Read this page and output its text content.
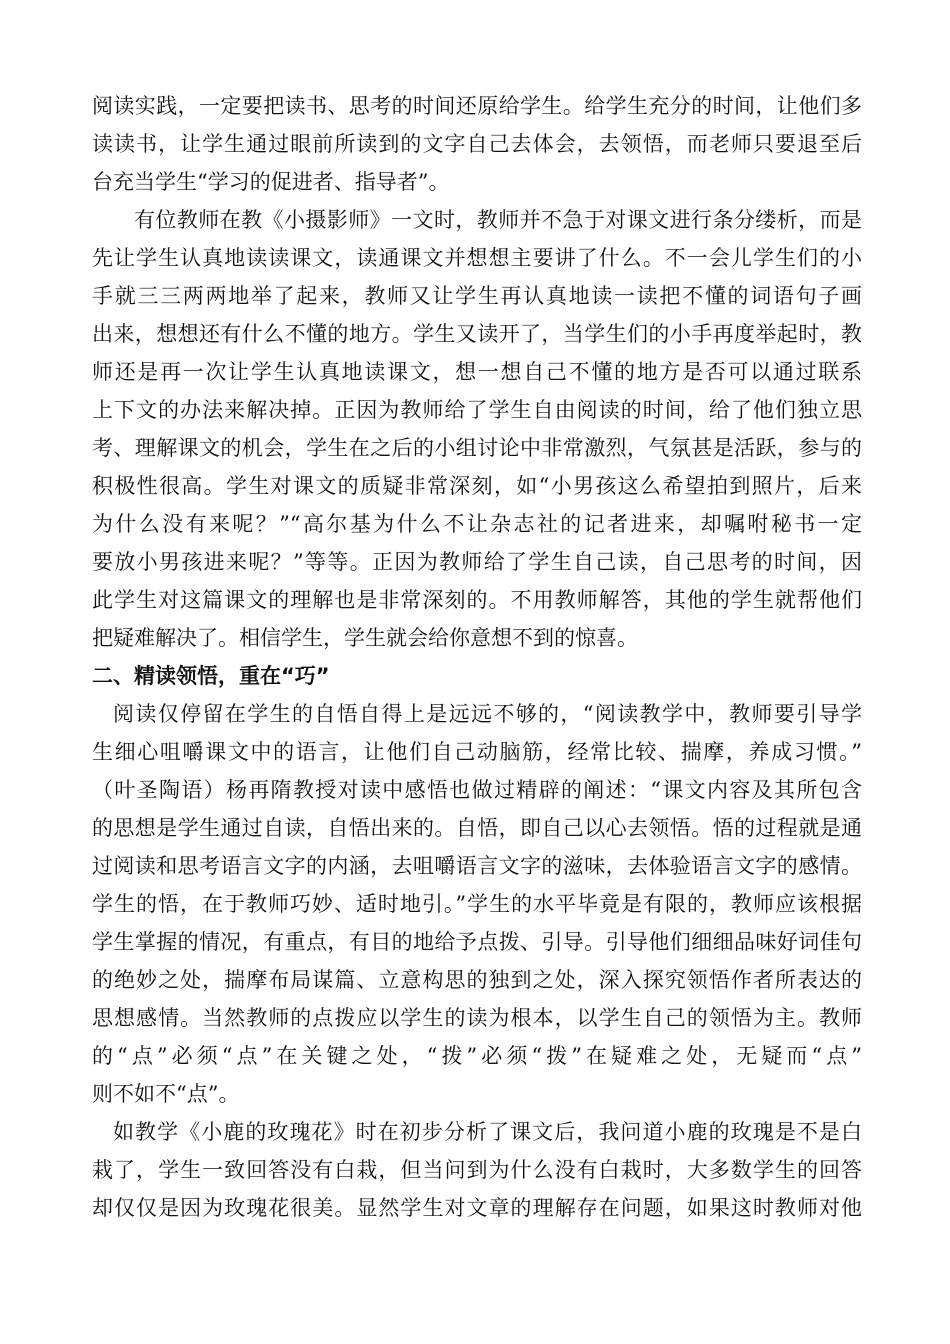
阅读实践，一定要把读书、思考的时间还原给学生。给学生充分的时间，让他们多
读读书，让学生通过眼前所读到的文字自己去体会，去领悟，而老师只要退至后
台充当学生“学习的促进者、指导者”。
有位教师在教《小摄影师》一文时，教师并不急于对课文进行条分缕析，而是
先让学生认真地读读课文，读通课文并想想主要讲了什么。不一会儿学生们的小
手就三三两两地举了起来，教师又让学生再认真地读一读把不懂的词语句子画
出来，想想还有什么不懂的地方。学生又读开了，当学生们的小手再度举起时，教
师还是再一次让学生认真地读课文，想一想自己不懂的地方是否可以通过联系
上下文的办法来解决掉。正因为教师给了学生自由阅读的时间，给了他们独立思
考、理解课文的机会，学生在之后的小组讨论中非常激烈，气氛甚是活跃，参与的
积极性很高。学生对课文的质疑非常深刻，如“小男孩这么希望拍到照片，后来
为什么没有来呢？”“高尔基为什么不让杂志社的记者进来，却嘱咐秘书一定
要放小男孩进来呢？”等等。正因为教师给了学生自己读，自己思考的时间，因
此学生对这篇课文的理解也是非常深刻的。不用教师解答，其他的学生就帮他们
把疑难解决了。相信学生，学生就会给你意想不到的惊喜。
二、精读领悟，重在“巧”
阅读仅停留在学生的自悟自得上是远远不够的，“阅读教学中，教师要引导学
生细心咀嚼课文中的语言，让他们自己动脑筋，经常比较、揣摩，养成习惯。”
（叶圣陶语）杨再隋教授对读中感悟也做过精辟的阐述：“课文内容及其所包含
的思想是学生通过自读，自悟出来的。自悟，即自己以心去领悟。悟的过程就是通
过阅读和思考语言文字的内涵，去咀嚼语言文字的滋味，去体验语言文字的感情。
学生的悟，在于教师巧妙、适时地引。”学生的水平毕竟是有限的，教师应该根据
学生掌握的情况，有重点，有目的地给予点拨、引导。引导他们细细品味好词佳句
的绝妙之处，揣摩布局谋篇、立意构思的独到之处，深入探究领悟作者所表达的
思想感情。当然教师的点拨应以学生的读为根本，以学生自己的领悟为主。教师
的“点”必须“点”在关键之处，“拨”必须“拨”在疑难之处，无疑而“点”
则不如不“点”。
如教学《小鹿的玫瑰花》时在初步分析了课文后，我问道小鹿的玫瑰是不是白
栽了，学生一致回答没有白栽，但当问到为什么没有白栽时，大多数学生的回答
却仅仅是因为玫瑰花很美。显然学生对文章的理解存在问题，如果这时教师对他
